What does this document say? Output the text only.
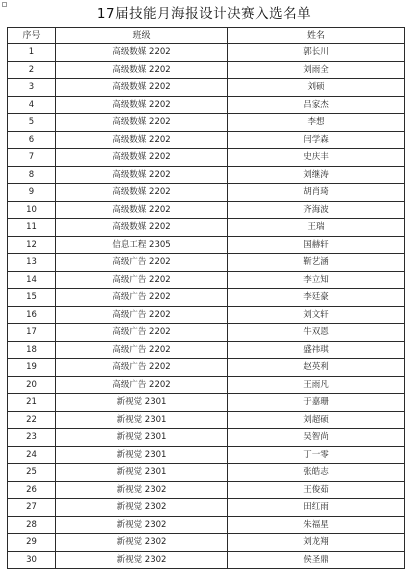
17届技能月海报设计决赛入选名单
序号	班级	姓名
1	高级数媒 2202	郭长川
2	高级数媒 2202	刘雨全
3	高级数媒 2202	刘硕
4	高级数媒 2202	吕家杰
5	高级数媒 2202	李想
6	高级数媒 2202	闫学森
7	高级数媒 2202	史庆丰
8	高级数媒 2202	刘继涛
9	高级数媒 2202	胡肖琦
10	高级数媒 2202	齐海波
11	高级数媒 2202	王瑞
12	信息工程 2305	国赫轩
13	高级广告 2202	靳艺涵
14	高级广告 2202	李立知
15	高级广告 2202	李廷豪
16	高级广告 2202	刘文轩
17	高级广告 2202	牛双恩
18	高级广告 2202	盛祎琪
19	高级广告 2202	赵英利
20	高级广告 2202	王雨凡
21	新视觉 2301	于嘉珊
22	新视觉 2301	刘超硕
23	新视觉 2301	吴智尚
24	新视觉 2301	丁一零
25	新视觉 2301	张皓志
26	新视觉 2302	王俊茹
27	新视觉 2302	田红雨
28	新视觉 2302	朱福星
29	新视觉 2302	刘龙翔
30	新视觉 2302	侯圣鼎
